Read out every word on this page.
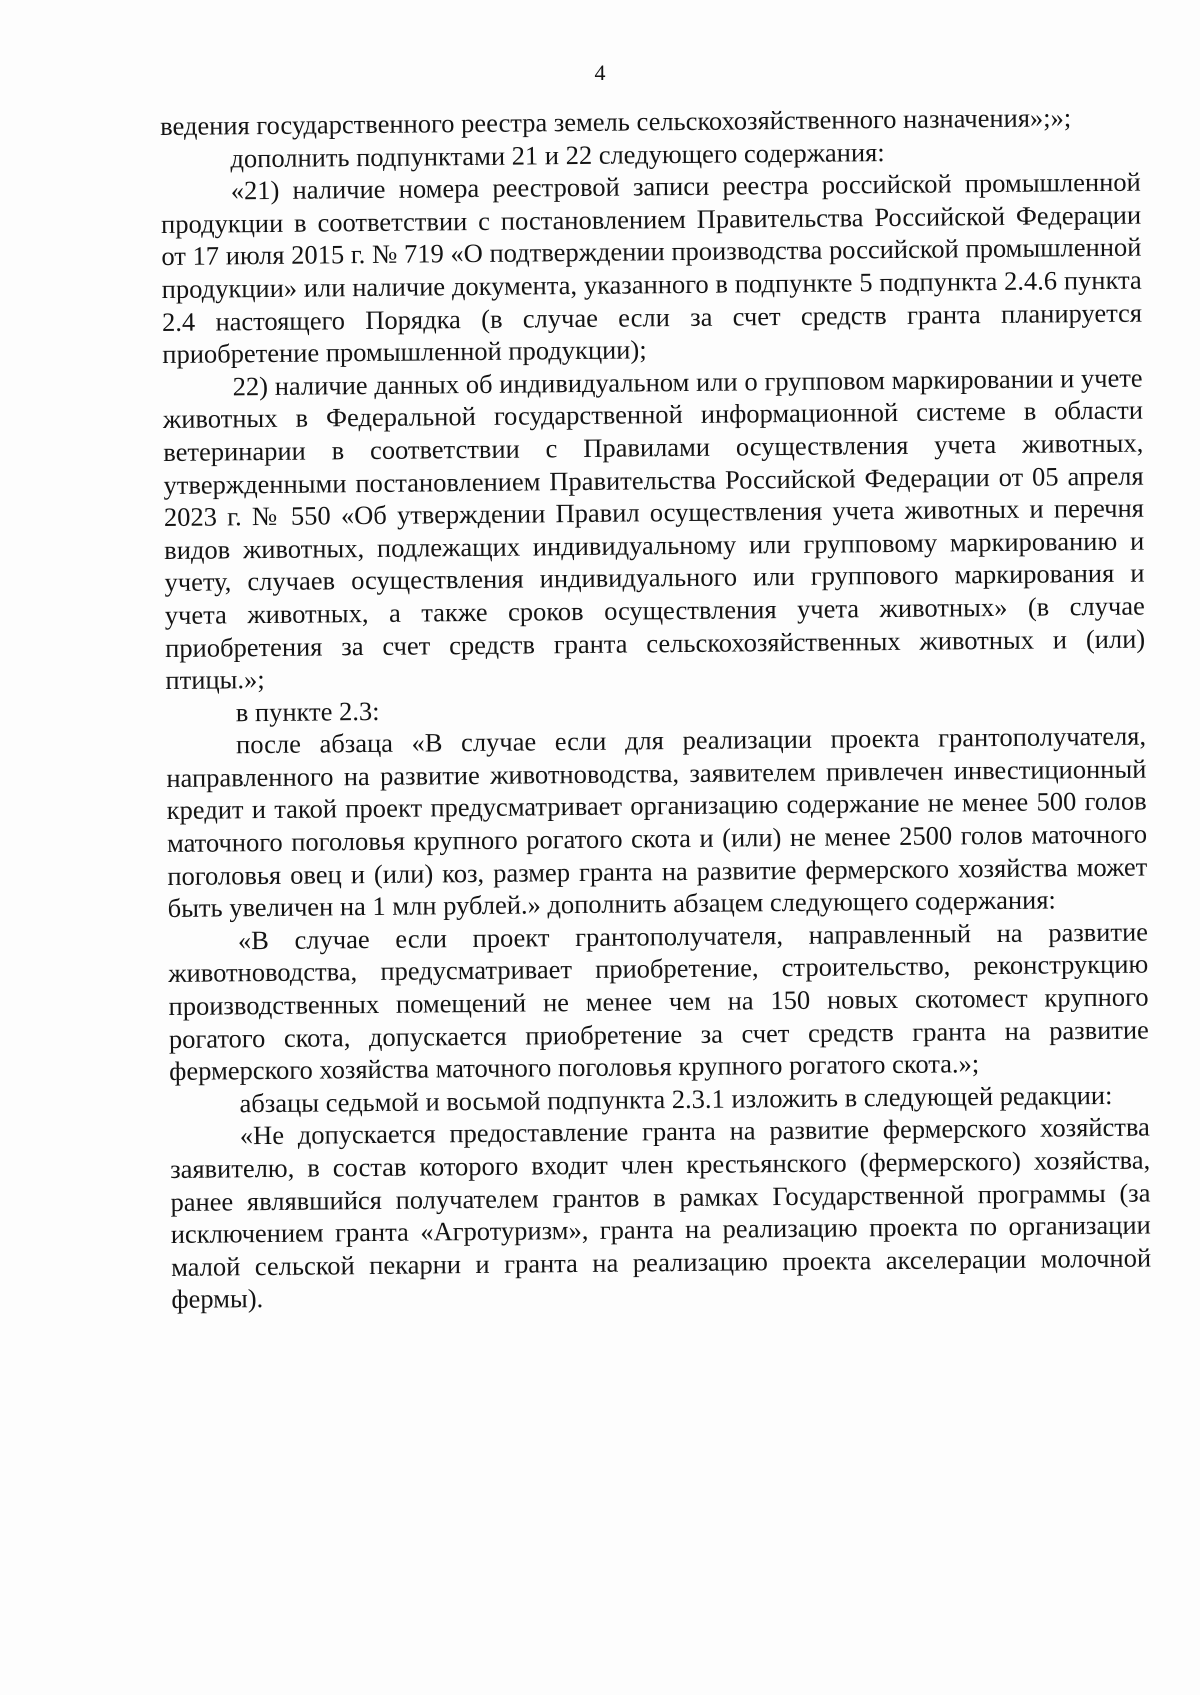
4

ведения государственного реестра земель сельскохозяйственного назначения»;»;

дополнить подпунктами 21 и 22 следующего содержания:

«21) наличие номера реестровой записи реестра российской промышленной продукции в соответствии с постановлением Правительства Российской Федерации от 17 июля 2015 г. № 719 «О подтверждении производства российской промышленной продукции» или наличие документа, указанного в подпункте 5 подпункта 2.4.6 пункта 2.4 настоящего Порядка (в случае если за счет средств гранта планируется приобретение промышленной продукции);

22) наличие данных об индивидуальном или о групповом маркировании и учете животных в Федеральной государственной информационной системе в области ветеринарии в соответствии с Правилами осуществления учета животных, утвержденными постановлением Правительства Российской Федерации от 05 апреля 2023 г. № 550 «Об утверждении Правил осуществления учета животных и перечня видов животных, подлежащих индивидуальному или групповому маркированию и учету, случаев осуществления индивидуального или группового маркирования и учета животных, а также сроков осуществления учета животных» (в случае приобретения за счет средств гранта сельскохозяйственных животных и (или) птицы.»;

в пункте 2.3:

после абзаца «В случае если для реализации проекта грантополучателя, направленного на развитие животноводства, заявителем привлечен инвестиционный кредит и такой проект предусматривает организацию содержание не менее 500 голов маточного поголовья крупного рогатого скота и (или) не менее 2500 голов маточного поголовья овец и (или) коз, размер гранта на развитие фермерского хозяйства может быть увеличен на 1 млн рублей.» дополнить абзацем следующего содержания:

«В случае если проект грантополучателя, направленный на развитие животноводства, предусматривает приобретение, строительство, реконструкцию производственных помещений не менее чем на 150 новых скотомест крупного рогатого скота, допускается приобретение за счет средств гранта на развитие фермерского хозяйства маточного поголовья крупного рогатого скота.»;

абзацы седьмой и восьмой подпункта 2.3.1 изложить в следующей редакции:

«Не допускается предоставление гранта на развитие фермерского хозяйства заявителю, в состав которого входит член крестьянского (фермерского) хозяйства, ранее являвшийся получателем грантов в рамках Государственной программы (за исключением гранта «Агротуризм», гранта на реализацию проекта по организации малой сельской пекарни и гранта на реализацию проекта акселерации молочной фермы).
